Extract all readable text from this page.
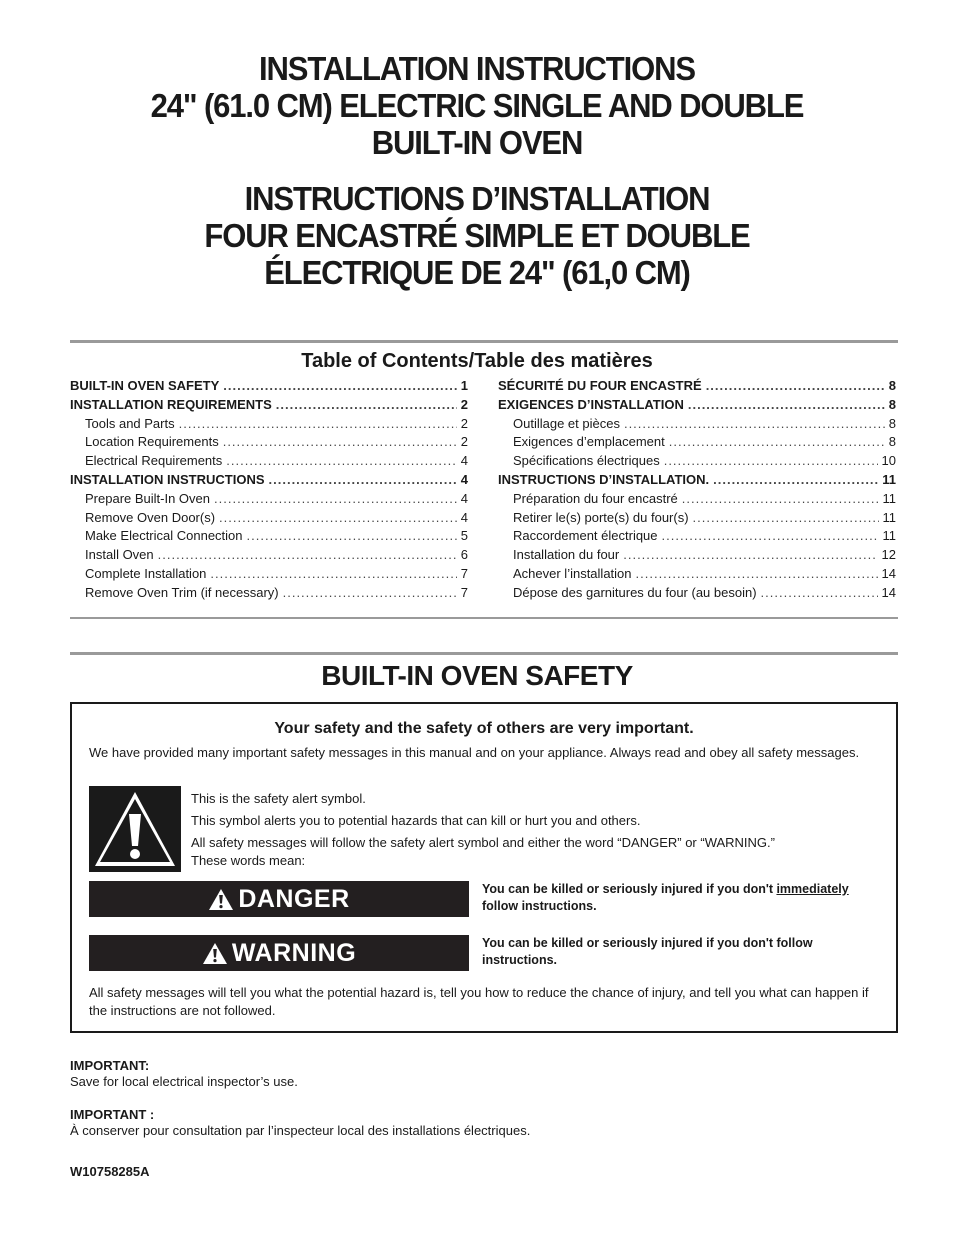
INSTALLATION INSTRUCTIONS
24" (61.0 CM) ELECTRIC SINGLE AND DOUBLE
BUILT-IN OVEN
INSTRUCTIONS D’INSTALLATION
FOUR ENCASTRÉ SIMPLE ET DOUBLE
ÉLECTRIQUE DE 24" (61,0 CM)
Table of Contents/Table des matières
BUILT-IN OVEN SAFETY .....	1
INSTALLATION REQUIREMENTS .....	2
Tools and Parts .....	2
Location Requirements .....	2
Electrical Requirements .....	4
INSTALLATION INSTRUCTIONS .....	4
Prepare Built-In Oven .....	4
Remove Oven Door(s) .....	4
Make Electrical Connection .....	5
Install Oven .....	6
Complete Installation .....	7
Remove Oven Trim (if necessary) .....	7
SÉCURITÉ DU FOUR ENCASTRÉ .....	8
EXIGENCES D’INSTALLATION .....	8
Outillage et pièces .....	8
Exigences d’emplacement .....	8
Spécifications électriques .....	10
INSTRUCTIONS D’INSTALLATION. .....	11
Préparation du four encastré .....	11
Retirer le(s) porte(s) du four(s) .....	11
Raccordement électrique .....	11
Installation du four .....	12
Achever l’installation .....	14
Dépose des garnitures du four (au besoin) .....	14
BUILT-IN OVEN SAFETY
Your safety and the safety of others are very important.
We have provided many important safety messages in this manual and on your appliance. Always read and obey all safety messages.
This is the safety alert symbol.
This symbol alerts you to potential hazards that can kill or hurt you and others.
All safety messages will follow the safety alert symbol and either the word “DANGER” or “WARNING.”
These words mean:
DANGER	You can be killed or seriously injured if you don't immediately follow instructions.
WARNING	You can be killed or seriously injured if you don't follow instructions.
All safety messages will tell you what the potential hazard is, tell you how to reduce the chance of injury, and tell you what can happen if the instructions are not followed.
IMPORTANT:
Save for local electrical inspector’s use.
IMPORTANT :
À conserver pour consultation par l’inspecteur local des installations électriques.
W10758285A
